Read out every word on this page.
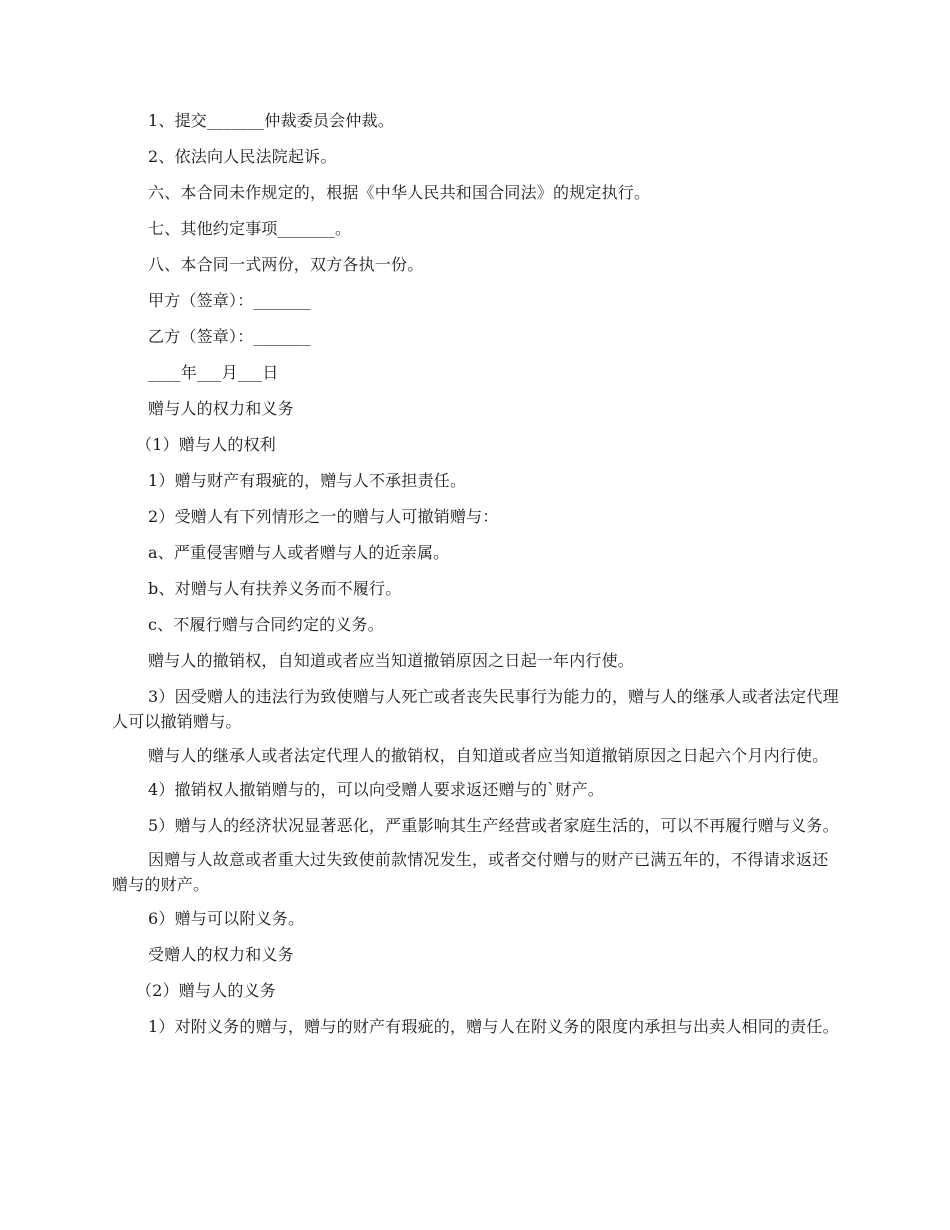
1、提交_______仲裁委员会仲裁。

2、依法向人民法院起诉。

六、本合同未作规定的，根据《中华人民共和国合同法》的规定执行。

七、其他约定事项_______。

八、本合同一式两份，双方各执一份。

甲方（签章）：_______

乙方（签章）：_______

____年___月___日

赠与人的权力和义务

（1）赠与人的权利

1）赠与财产有瑕疵的，赠与人不承担责任。

2）受赠人有下列情形之一的赠与人可撤销赠与：

a、严重侵害赠与人或者赠与人的近亲属。

b、对赠与人有扶养义务而不履行。

c、不履行赠与合同约定的义务。

赠与人的撤销权，自知道或者应当知道撤销原因之日起一年内行使。

3）因受赠人的违法行为致使赠与人死亡或者丧失民事行为能力的，赠与人的继承人或者法定代理人可以撤销赠与。

赠与人的继承人或者法定代理人的撤销权，自知道或者应当知道撤销原因之日起六个月内行使。

4）撤销权人撤销赠与的，可以向受赠人要求返还赠与的`财产。

5）赠与人的经济状况显著恶化，严重影响其生产经营或者家庭生活的，可以不再履行赠与义务。

因赠与人故意或者重大过失致使前款情况发生，或者交付赠与的财产已满五年的，不得请求返还赠与的财产。

6）赠与可以附义务。

受赠人的权力和义务

（2）赠与人的义务

1）对附义务的赠与，赠与的财产有瑕疵的，赠与人在附义务的限度内承担与出卖人相同的责任。
